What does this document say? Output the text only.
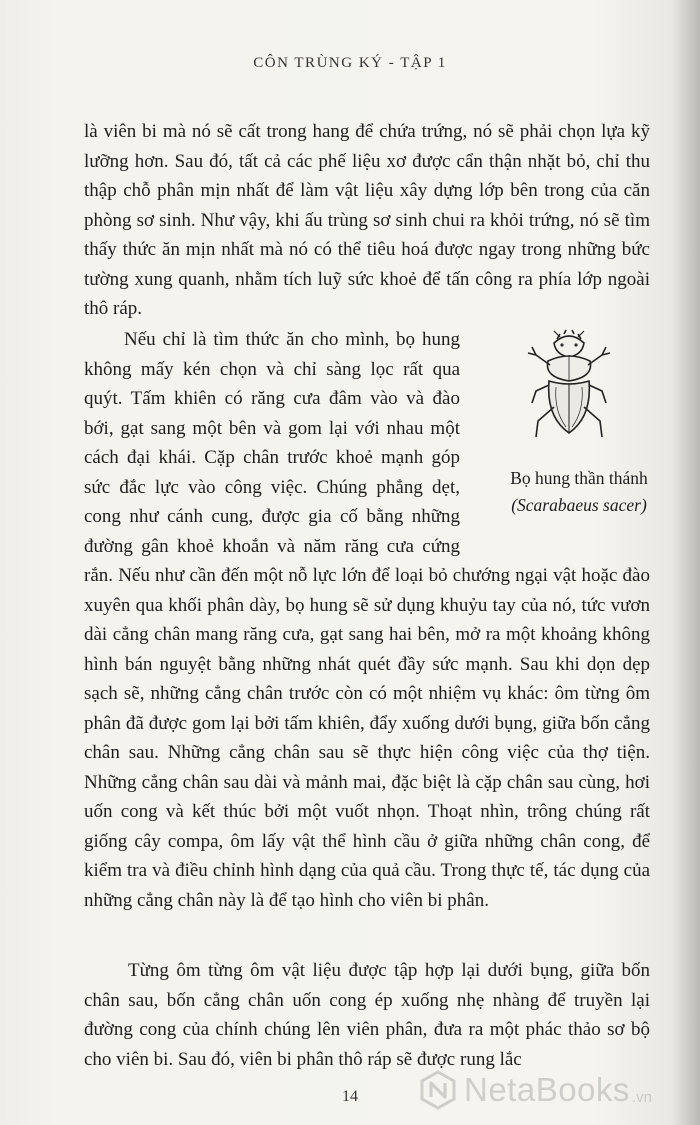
CÔN TRÙNG KÝ - TẬP 1
là viên bi mà nó sẽ cất trong hang để chứa trứng, nó sẽ phải chọn lựa kỹ lưỡng hơn. Sau đó, tất cả các phế liệu xơ được cẩn thận nhặt bỏ, chỉ thu thập chỗ phân mịn nhất để làm vật liệu xây dựng lớp bên trong của căn phòng sơ sinh. Như vậy, khi ấu trùng sơ sinh chui ra khỏi trứng, nó sẽ tìm thấy thức ăn mịn nhất mà nó có thể tiêu hoá được ngay trong những bức tường xung quanh, nhằm tích luỹ sức khoẻ để tấn công ra phía lớp ngoài thô ráp.
Bọ hung thần thánh
(Scarabaeus sacer)
Nếu chỉ là tìm thức ăn cho mình, bọ hung không mấy kén chọn và chỉ sàng lọc rất qua quýt. Tấm khiên có răng cưa đâm vào và đào bới, gạt sang một bên và gom lại với nhau một cách đại khái. Cặp chân trước khoẻ mạnh góp sức đắc lực vào công việc. Chúng phẳng dẹt, cong như cánh cung, được gia cố bằng những đường gân khoẻ khoắn và năm răng cưa cứng rắn. Nếu như cần đến một nỗ lực lớn để loại bỏ chướng ngại vật hoặc đào xuyên qua khối phân dày, bọ hung sẽ sử dụng khuỷu tay của nó, tức vươn dài cẳng chân mang răng cưa, gạt sang hai bên, mở ra một khoảng không hình bán nguyệt bằng những nhát quét đầy sức mạnh. Sau khi dọn dẹp sạch sẽ, những cẳng chân trước còn có một nhiệm vụ khác: ôm từng ôm phân đã được gom lại bởi tấm khiên, đẩy xuống dưới bụng, giữa bốn cẳng chân sau. Những cẳng chân sau sẽ thực hiện công việc của thợ tiện. Những cẳng chân sau dài và mảnh mai, đặc biệt là cặp chân sau cùng, hơi uốn cong và kết thúc bởi một vuốt nhọn. Thoạt nhìn, trông chúng rất giống cây compa, ôm lấy vật thể hình cầu ở giữa những chân cong, để kiểm tra và điều chỉnh hình dạng của quả cầu. Trong thực tế, tác dụng của những cẳng chân này là để tạo hình cho viên bi phân.
Từng ôm từng ôm vật liệu được tập hợp lại dưới bụng, giữa bốn chân sau, bốn cẳng chân uốn cong ép xuống nhẹ nhàng để truyền lại đường cong của chính chúng lên viên phân, đưa ra một phác thảo sơ bộ cho viên bi. Sau đó, viên bi phân thô ráp sẽ được rung lắc
14	NetaBooks .vn
